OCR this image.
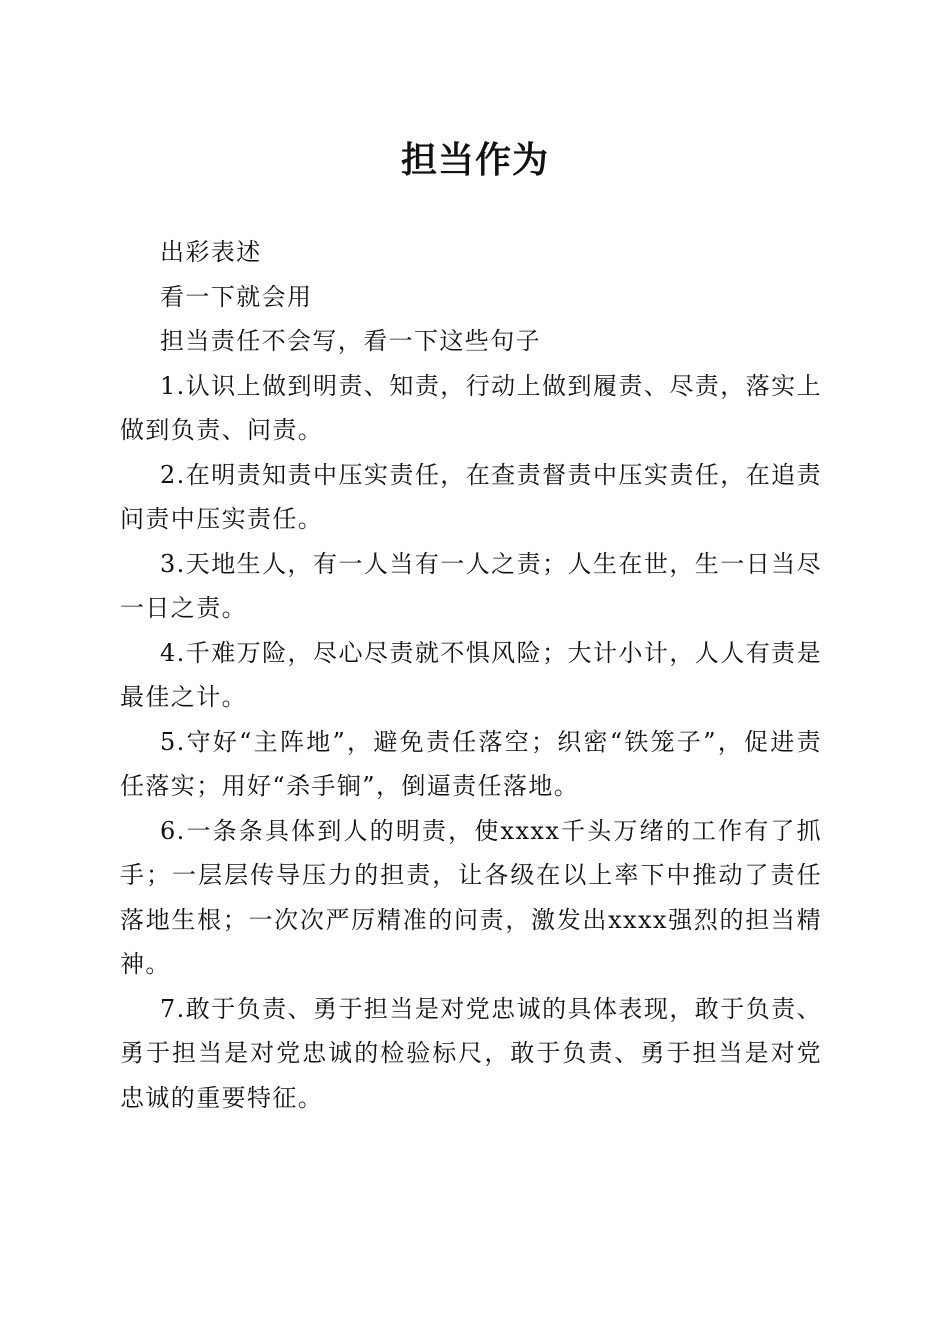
担当作为

出彩表述

看一下就会用

担当责任不会写，看一下这些句子

1.认识上做到明责、知责，行动上做到履责、尽责，落实上做到负责、问责。

2.在明责知责中压实责任，在查责督责中压实责任，在追责问责中压实责任。

3.天地生人，有一人当有一人之责；人生在世，生一日当尽一日之责。

4.千难万险，尽心尽责就不惧风险；大计小计，人人有责是最佳之计。

5.守好“主阵地”，避免责任落空；织密“铁笼子”，促进责任落实；用好“杀手锏”，倒逼责任落地。

6.一条条具体到人的明责，使xxxx千头万绪的工作有了抓手；一层层传导压力的担责，让各级在以上率下中推动了责任落地生根；一次次严厉精准的问责，激发出xxxx强烈的担当精神。

7.敢于负责、勇于担当是对党忠诚的具体表现，敢于负责、勇于担当是对党忠诚的检验标尺，敢于负责、勇于担当是对党忠诚的重要特征。
